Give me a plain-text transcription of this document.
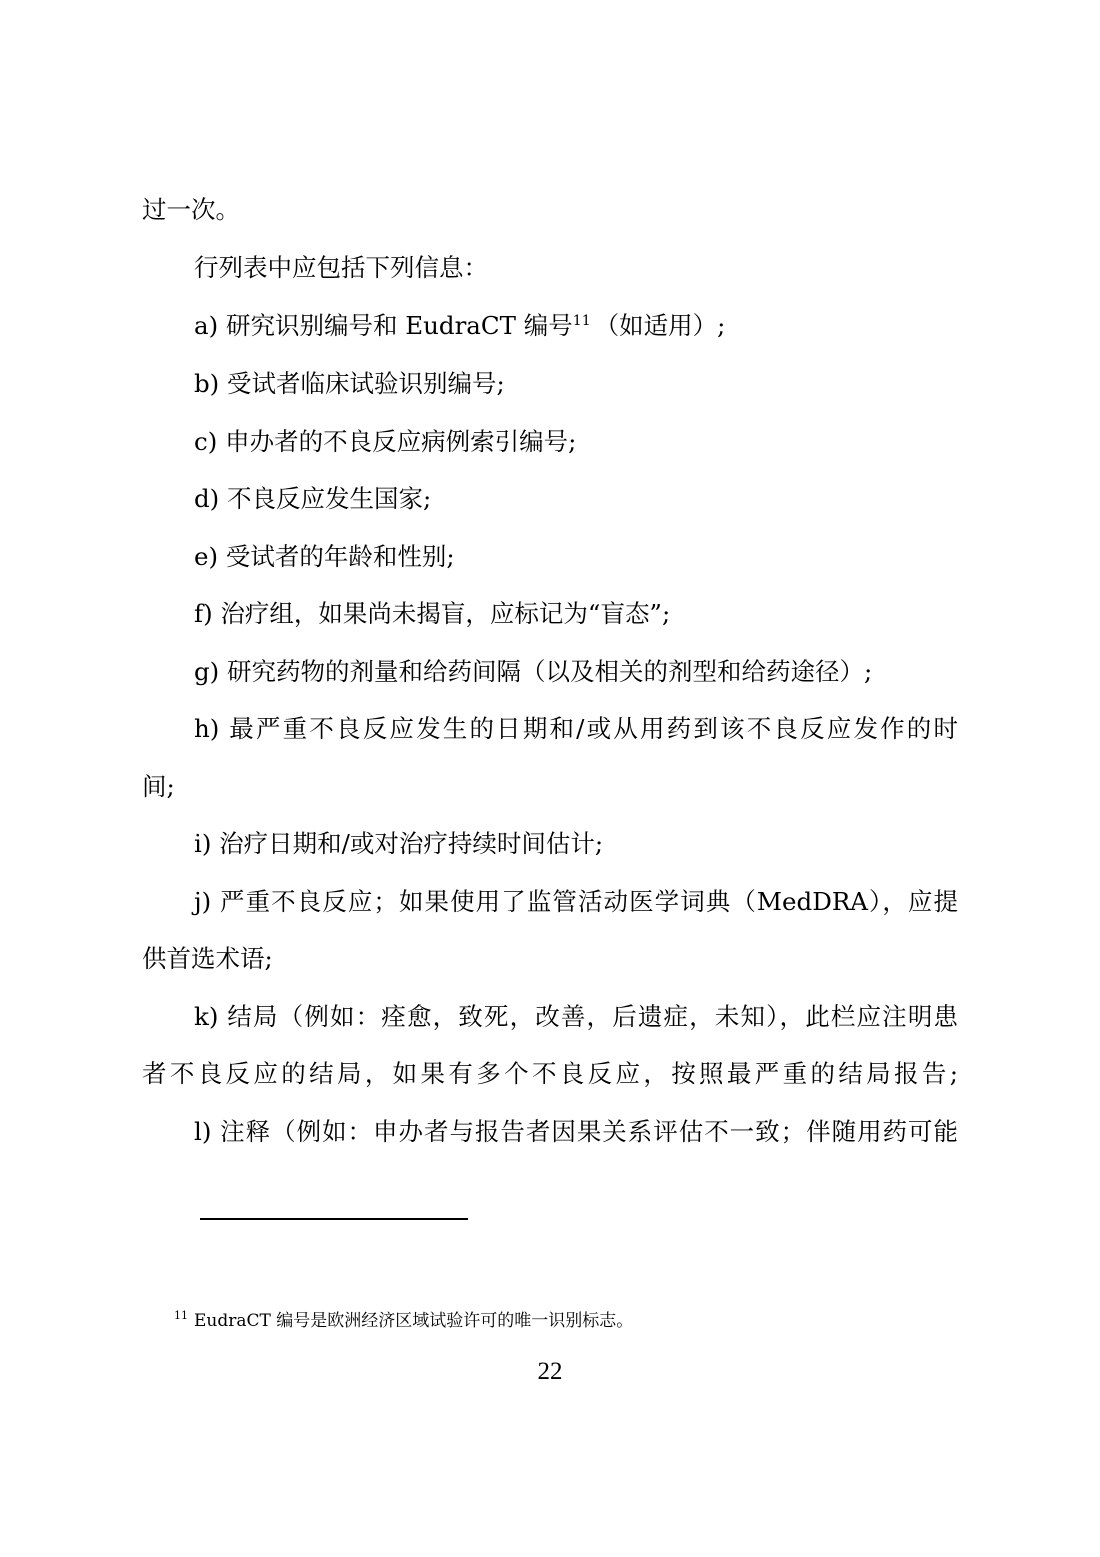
过一次。
行列表中应包括下列信息：
a) 研究识别编号和 EudraCT 编号$^{11}$ （如适用）;
b) 受试者临床试验识别编号;
c) 申办者的不良反应病例索引编号;
d) 不良反应发生国家;
e) 受试者的年龄和性别;
f) 治疗组，如果尚未揭盲，应标记为“盲态”;
g) 研究药物的剂量和给药间隔（以及相关的剂型和给药途径）;
h) 最严重不良反应发生的日期和/或从用药到该不良反应发作的时
间;
i) 治疗日期和/或对治疗持续时间估计;
j) 严重不良反应；如果使用了监管活动医学词典（MedDRA），应提
供首选术语;
k) 结局（例如：痊愈，致死，改善，后遗症，未知），此栏应注明患
者不良反应的结局，如果有多个不良反应，按照最严重的结局报告;
l) 注释（例如：申办者与报告者因果关系评估不一致；伴随用药可能
$^{11}$ EudraCT 编号是欧洲经济区域试验许可的唯一识别标志。
22
